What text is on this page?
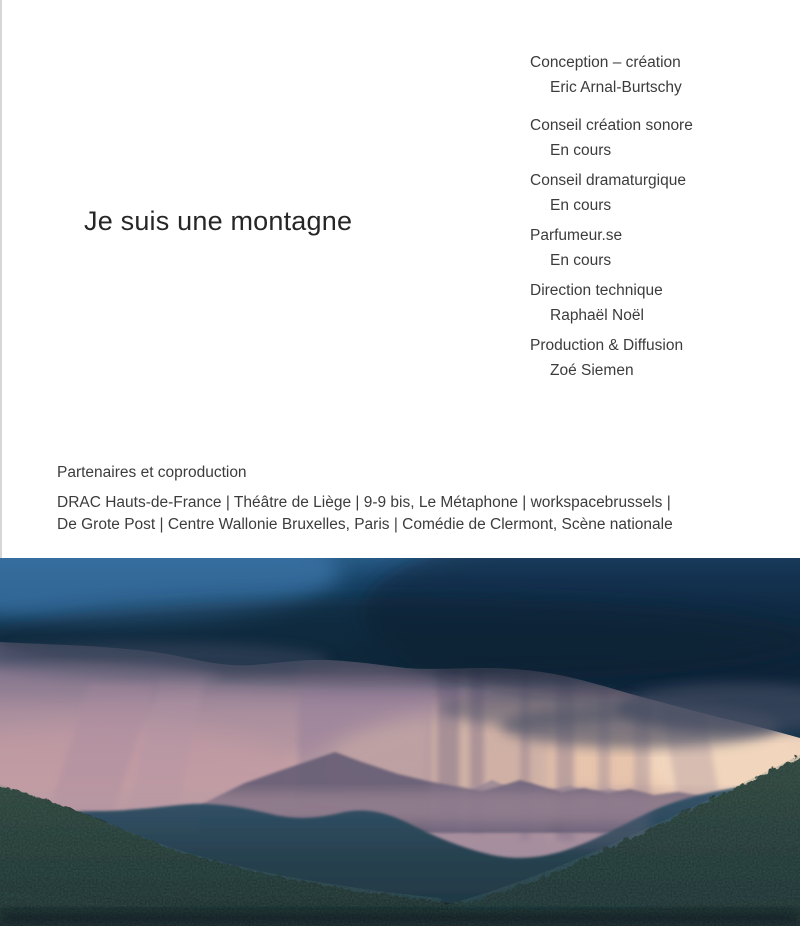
Je suis une montagne
Conception – création
Eric Arnal-Burtschy
Conseil création sonore
En cours
Conseil dramaturgique
En cours
Parfumeur.se
En cours
Direction technique
Raphaël Noël
Production & Diffusion
Zoé Siemen
Partenaires et coproduction
DRAC Hauts-de-France | Théâtre de Liège | 9-9 bis, Le Métaphone | workspacebrussels |
De Grote Post | Centre Wallonie Bruxelles, Paris | Comédie de Clermont, Scène nationale
